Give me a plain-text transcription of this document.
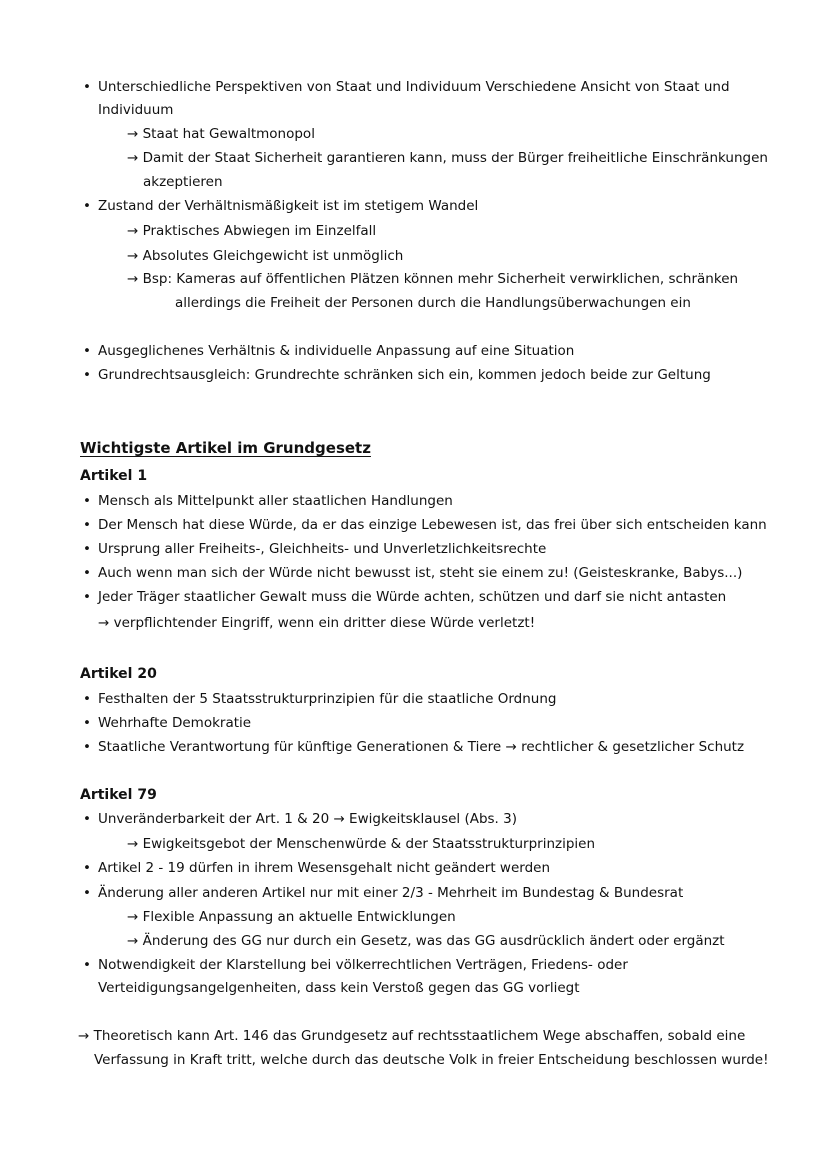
• Unterschiedliche Perspektiven von Staat und Individuum Verschiedene Ansicht von Staat und
Individuum
→ Staat hat Gewaltmonopol
→ Damit der Staat Sicherheit garantieren kann, muss der Bürger freiheitliche Einschränkungen
akzeptieren
• Zustand der Verhältnismäßigkeit ist im stetigem Wandel
→ Praktisches Abwiegen im Einzelfall
→ Absolutes Gleichgewicht ist unmöglich
→ Bsp: Kameras auf öffentlichen Plätzen können mehr Sicherheit verwirklichen, schränken
allerdings die Freiheit der Personen durch die Handlungsüberwachungen ein
• Ausgeglichenes Verhältnis & individuelle Anpassung auf eine Situation
• Grundrechtsausgleich: Grundrechte schränken sich ein, kommen jedoch beide zur Geltung
Wichtigste Artikel im Grundgesetz
Artikel 1
• Mensch als Mittelpunkt aller staatlichen Handlungen
• Der Mensch hat diese Würde, da er das einzige Lebewesen ist, das frei über sich entscheiden kann
• Ursprung aller Freiheits-, Gleichheits- und Unverletzlichkeitsrechte
• Auch wenn man sich der Würde nicht bewusst ist, steht sie einem zu! (Geisteskranke, Babys...)
• Jeder Träger staatlicher Gewalt muss die Würde achten, schützen und darf sie nicht antasten
→ verpflichtender Eingriff, wenn ein dritter diese Würde verletzt!
Artikel 20
• Festhalten der 5 Staatsstrukturprinzipien für die staatliche Ordnung
• Wehrhafte Demokratie
• Staatliche Verantwortung für künftige Generationen & Tiere → rechtlicher & gesetzlicher Schutz
Artikel 79
• Unveränderbarkeit der Art. 1 & 20 → Ewigkeitsklausel (Abs. 3)
→ Ewigkeitsgebot der Menschenwürde & der Staatsstrukturprinzipien
• Artikel 2 - 19 dürfen in ihrem Wesensgehalt nicht geändert werden
• Änderung aller anderen Artikel nur mit einer 2/3 - Mehrheit im Bundestag & Bundesrat
→ Flexible Anpassung an aktuelle Entwicklungen
→ Änderung des GG nur durch ein Gesetz, was das GG ausdrücklich ändert oder ergänzt
• Notwendigkeit der Klarstellung bei völkerrechtlichen Verträgen, Friedens- oder
Verteidigungsangelgenheiten, dass kein Verstoß gegen das GG vorliegt
→ Theoretisch kann Art. 146 das Grundgesetz auf rechtsstaatlichem Wege abschaffen, sobald eine
Verfassung in Kraft tritt, welche durch das deutsche Volk in freier Entscheidung beschlossen wurde!
